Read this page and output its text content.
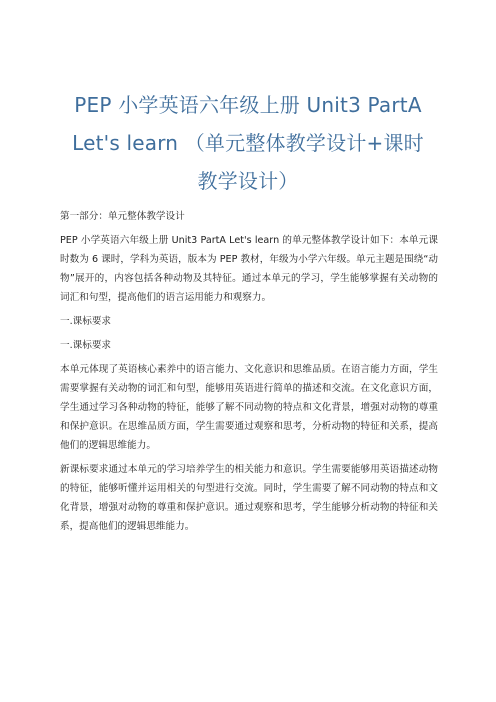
PEP 小学英语六年级上册 Unit3 PartA
Let's learn （单元整体教学设计+课时
教学设计）

第一部分：单元整体教学设计

PEP 小学英语六年级上册 Unit3 PartA Let's learn 的单元整体教学设计如下：本单元课时数为 6 课时，学科为英语，版本为 PEP 教材，年级为小学六年级。单元主题是围绕“动物”展开的，内容包括各种动物及其特征。通过本单元的学习，学生能够掌握有关动物的词汇和句型，提高他们的语言运用能力和观察力。

一.课标要求

一.课标要求

本单元体现了英语核心素养中的语言能力、文化意识和思维品质。在语言能力方面，学生需要掌握有关动物的词汇和句型，能够用英语进行简单的描述和交流。在文化意识方面，学生通过学习各种动物的特征，能够了解不同动物的特点和文化背景，增强对动物的尊重和保护意识。在思维品质方面，学生需要通过观察和思考，分析动物的特征和关系，提高他们的逻辑思维能力。

新课标要求通过本单元的学习培养学生的相关能力和意识。学生需要能够用英语描述动物的特征，能够听懂并运用相关的句型进行交流。同时，学生需要了解不同动物的特点和文化背景，增强对动物的尊重和保护意识。通过观察和思考，学生能够分析动物的特征和关系，提高他们的逻辑思维能力。
